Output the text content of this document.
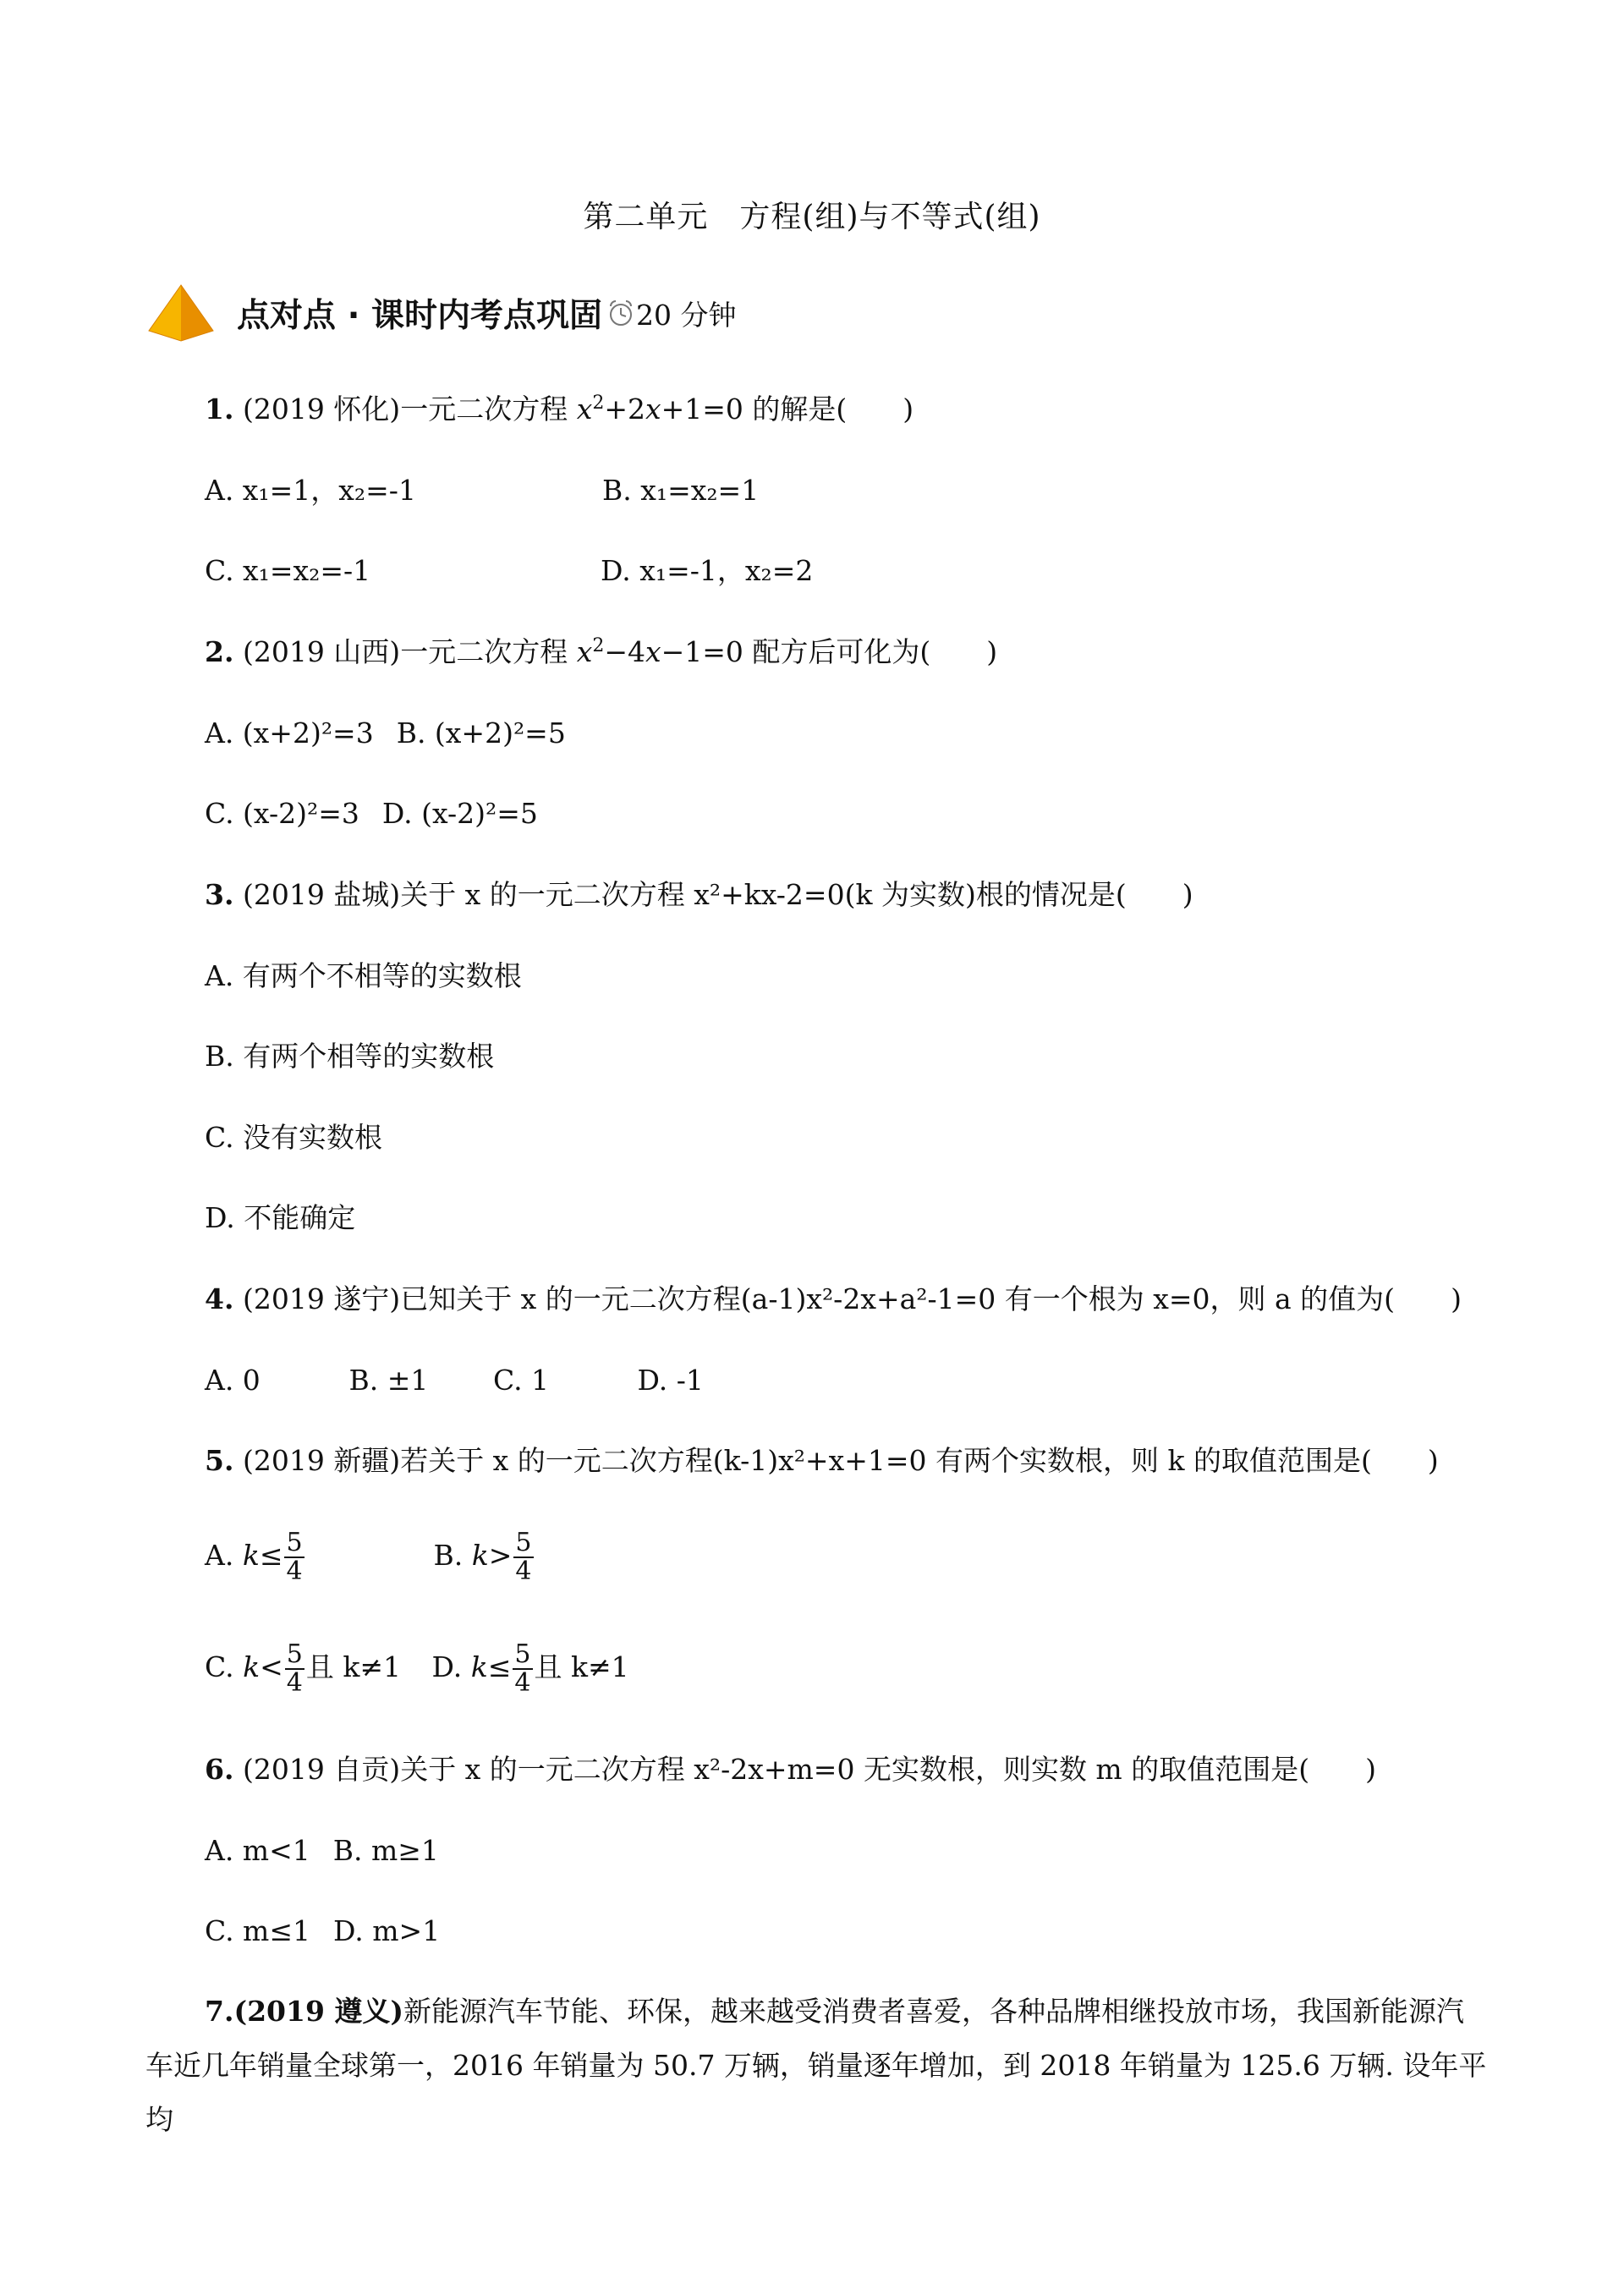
第二单元　方程(组)与不等式(组)
点对点 · 课时内考点巩固 20 分钟
1. (2019 怀化)一元二次方程 $x^2+2x+1=0$ 的解是(   )
A. x₁=1，x₂=-1	B. x₁=x₂=1
C. x₁=x₂=-1	D. x₁=-1，x₂=2
2. (2019 山西)一元二次方程 $x^2-4x-1=0$ 配方后可化为(   )
A. (x+2)²=3  B. (x+2)²=5
C. (x-2)²=3  D. (x-2)²=5
3. (2019 盐城)关于 x 的一元二次方程 x²+kx-2=0(k 为实数)根的情况是(   )
A. 有两个不相等的实数根
B. 有两个相等的实数根
C. 没有实数根
D. 不能确定
4. (2019 遂宁)已知关于 x 的一元二次方程(a-1)x²-2x+a²-1=0 有一个根为 x=0，则 a 的值为(   )
A. 0	B. ±1 C. 1	D. -1
5. (2019 新疆)若关于 x 的一元二次方程(k-1)x²+x+1=0 有两个实数根，则 k 的取值范围是(   )
A. $k\le \frac{5}{4}$	B. $k> \frac{5}{4}$
C. $k< \frac{5}{4}$ 且 k≠1 D. $k\le \frac{5}{4}$ 且 k≠1
6. (2019 自贡)关于 x 的一元二次方程 x²-2x+m=0 无实数根，则实数 m 的取值范围是(   )
A. m<1  B. m≥1
C. m≤1  D. m>1
7.(2019 遵义)新能源汽车节能、环保，越来越受消费者喜爱，各种品牌相继投放市场，我国新能源汽车近几年销量全球第一，2016 年销量为 50.7 万辆，销量逐年增加，到 2018 年销量为 125.6 万辆. 设年平均
